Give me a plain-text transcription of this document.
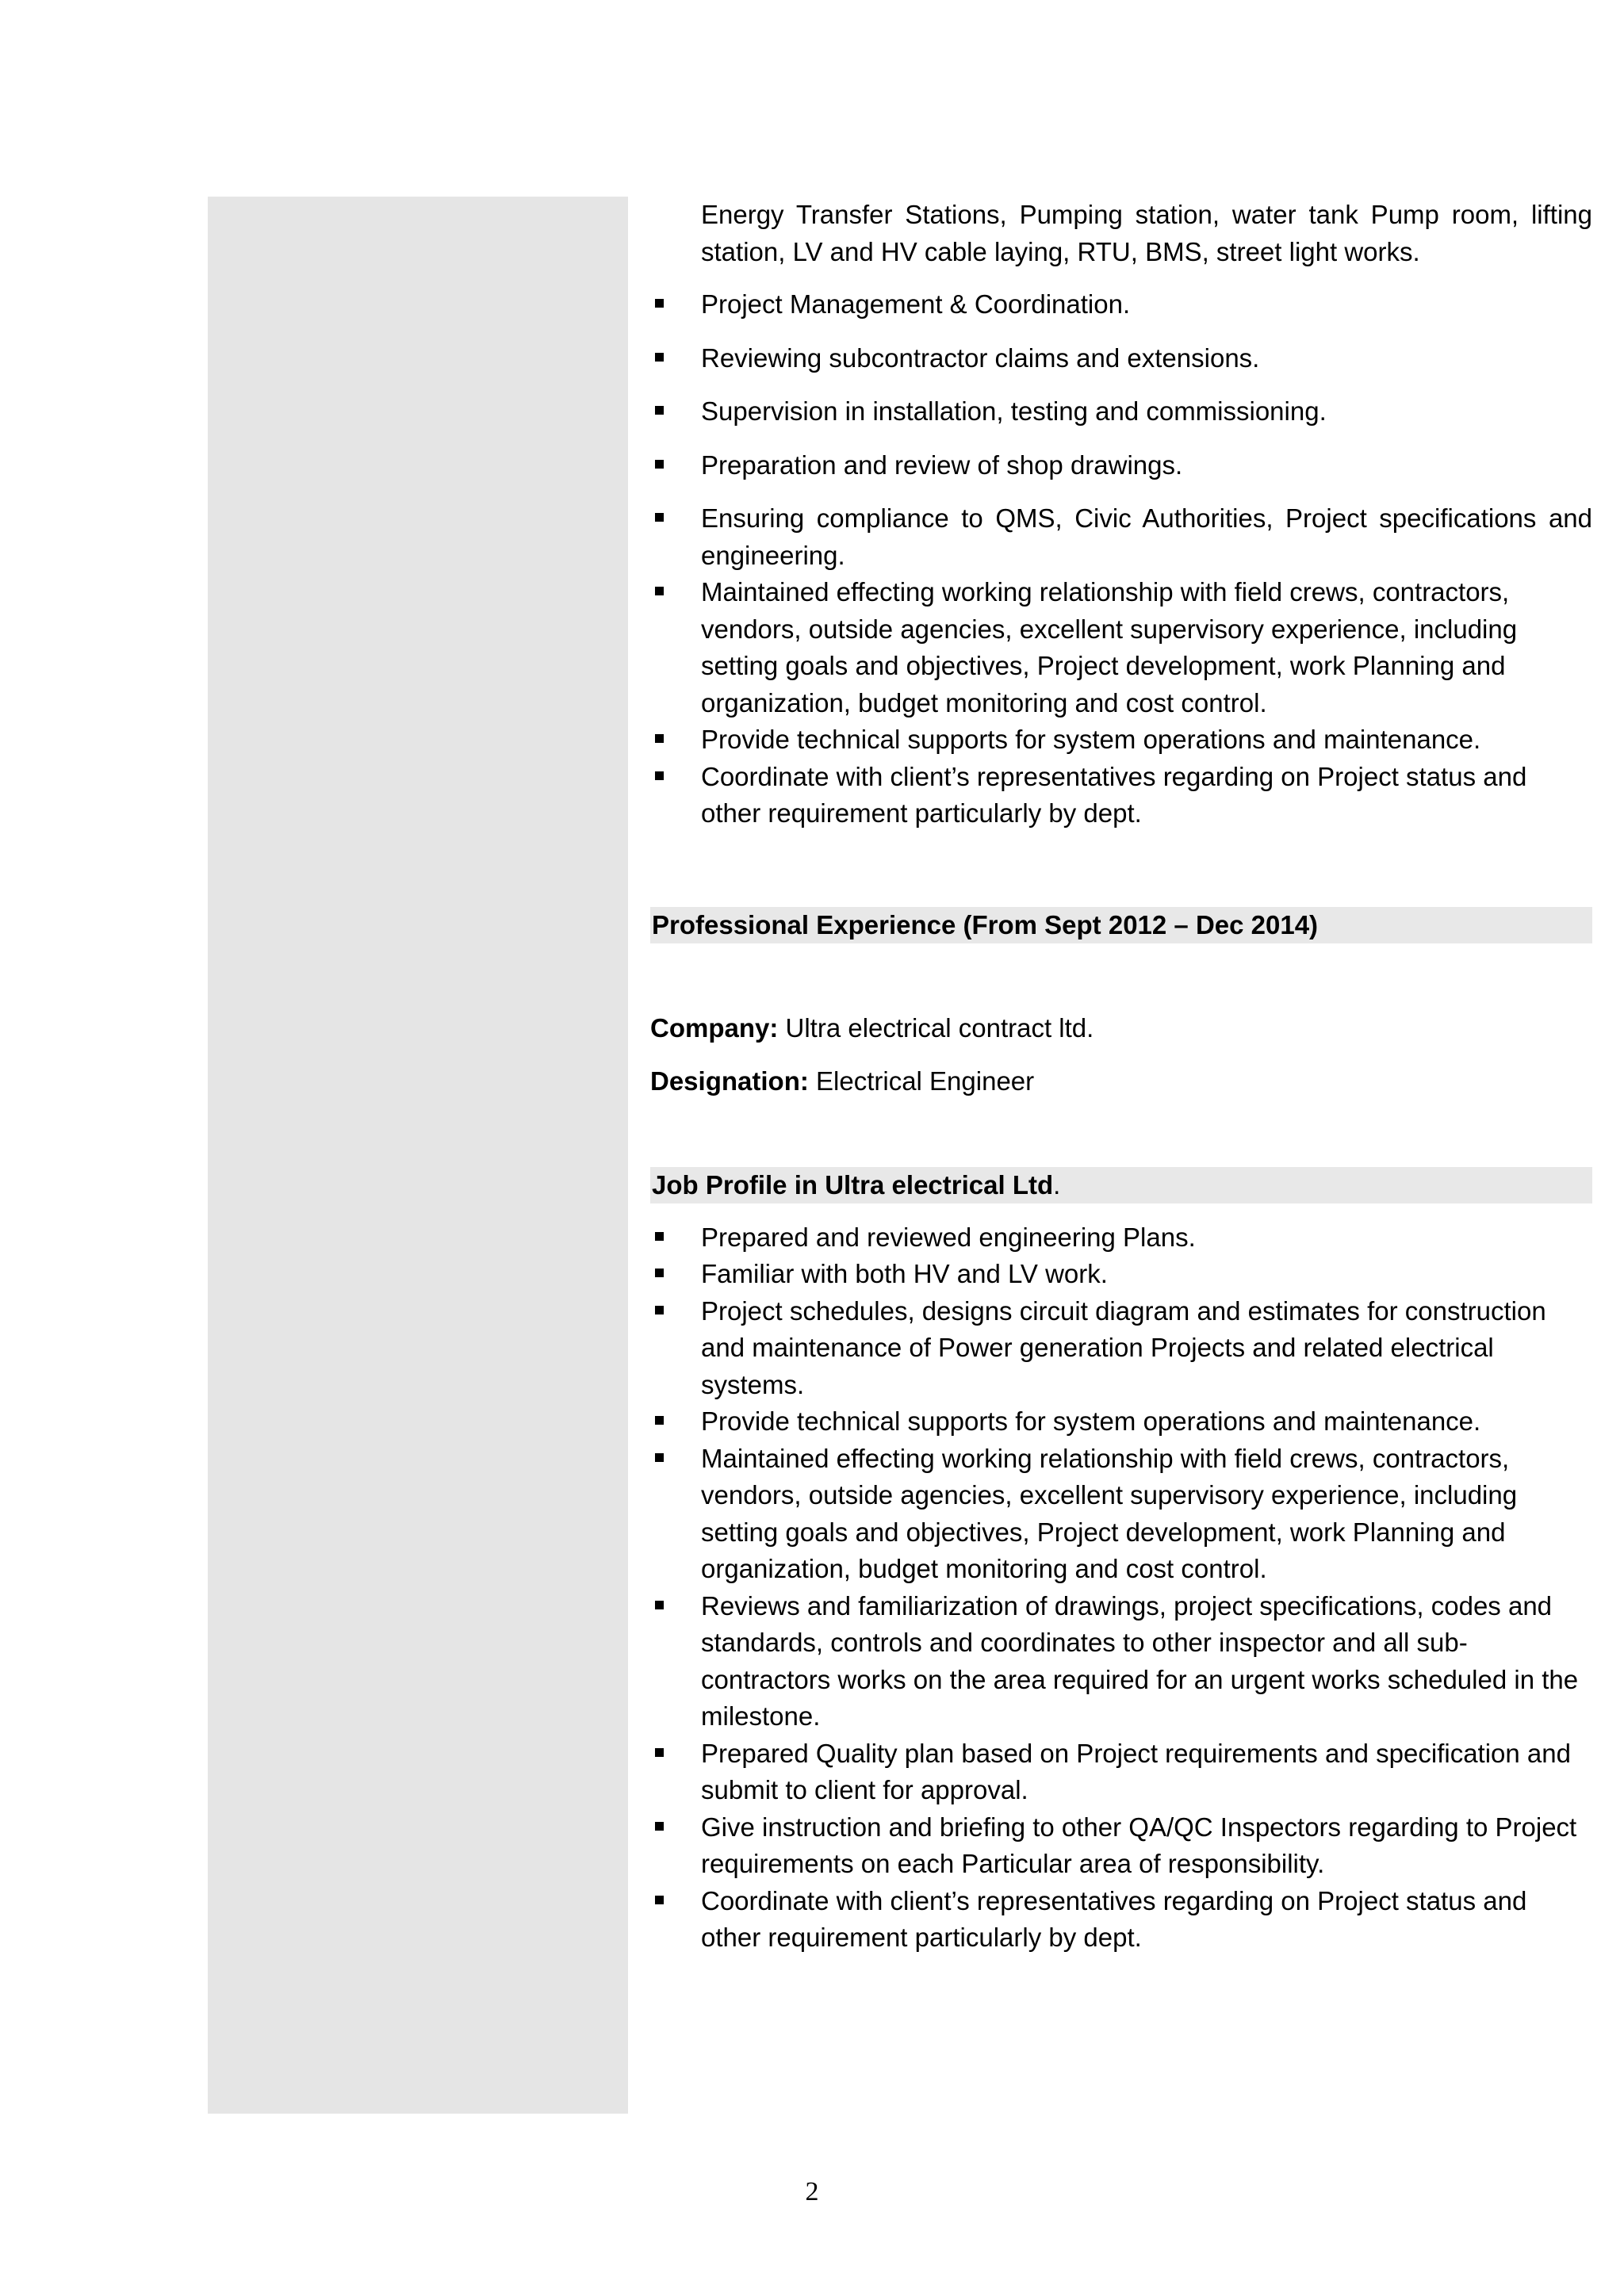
Energy Transfer Stations, Pumping station, water tank Pump room, lifting station, LV and HV cable laying, RTU, BMS, street light works.

Project Management & Coordination.
Reviewing subcontractor claims and extensions.
Supervision in installation, testing and commissioning.
Preparation and review of shop drawings.
Ensuring compliance to QMS, Civic Authorities, Project specifications and engineering.
Maintained effecting working relationship with field crews, contractors, vendors, outside agencies, excellent supervisory experience, including setting goals and objectives, Project development, work Planning and organization, budget monitoring and cost control.
Provide technical supports for system operations and maintenance.
Coordinate with client’s representatives regarding on Project status and other requirement particularly by dept.
Professional Experience (From Sept 2012 – Dec 2014)

Company: Ultra electrical contract ltd.

Designation: Electrical Engineer

Job Profile in Ultra electrical Ltd.
Prepared and reviewed engineering Plans.
Familiar with both HV and LV work.
Project schedules, designs circuit diagram and estimates for construction and maintenance of Power generation Projects and related electrical systems.
Provide technical supports for system operations and maintenance.
Maintained effecting working relationship with field crews, contractors, vendors, outside agencies, excellent supervisory experience, including setting goals and objectives, Project development, work Planning and organization, budget monitoring and cost control.
Reviews and familiarization of drawings, project specifications, codes and standards, controls and coordinates to other inspector and all sub-contractors works on the area required for an urgent works scheduled in the milestone.
Prepared Quality plan based on Project requirements and specification and submit to client for approval.
Give instruction and briefing to other QA/QC Inspectors regarding to Project requirements on each Particular area of responsibility.
Coordinate with client’s representatives regarding on Project status and other requirement particularly by dept.
2
